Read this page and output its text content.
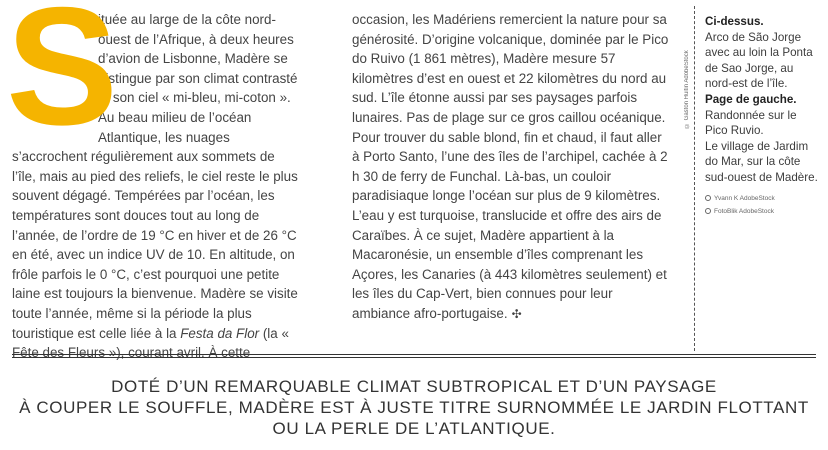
S

ituée au large de la côte nord-ouest de l’Afrique, à deux heures d’avion de Lisbonne, Madère se distingue par son climat contrasté et son ciel « mi-bleu, mi-coton ». Au beau milieu de l’océan Atlantique, les nuages s’accrochent régulièrement aux sommets de l’île, mais au pied des reliefs, le ciel reste le plus souvent dégagé. Tempérées par l’océan, les températures sont douces tout au long de l’année, de l’ordre de 19 °C en hiver et de 26 °C en été, avec un indice UV de 10. En altitude, on frôle parfois le 0 °C, c’est pourquoi une petite laine est toujours la bienvenue. Madère se visite toute l’année, même si la période la plus touristique est celle liée à la Festa da Flor (la « Fête des Fleurs »), courant avril. À cette

occasion, les Madériens remercient la nature pour sa générosité. D’origine volcanique, dominée par le Pico do Ruivo (1 861 mètres), Madère mesure 57 kilomètres d’est en ouest et 22 kilomètres du nord au sud. L’île étonne aussi par ses paysages parfois lunaires. Pas de plage sur ce gros caillou océanique. Pour trouver du sable blond, fin et chaud, il faut aller à Porto Santo, l’une des îles de l’archipel, cachée à 2 h 30 de ferry de Funchal. Là-bas, un couloir paradisiaque longe l’océan sur plus de 9 kilomètres. L’eau y est turquoise, translucide et offre des airs de Caraïbes. À ce sujet, Madère appartient à la Macaronésie, un ensemble d’îles comprenant les Açores, les Canaries (à 443 kilomètres seulement) et les îles du Cap-Vert, bien connues pour leur ambiance afro-portugaise. ✣

© Gaston Huitin AdobeStock
Ci-dessus.
Arco de São Jorge avec au loin la Ponta de Sao Jorge, au nord-est de l’île.
Page de gauche.
Randonnée sur le Pico Ruvio.
Le village de Jardim do Mar, sur la côte sud-ouest de Madère.
Yvann K AdobeStock
FotoBlik AdobeStock
DOTÉ D’UN REMARQUABLE CLIMAT SUBTROPICAL ET D’UN PAYSAGE
À COUPER LE SOUFFLE, MADÈRE EST À JUSTE TITRE SURNOMMÉE LE JARDIN FLOTTANT
OU LA PERLE DE L’ATLANTIQUE.
